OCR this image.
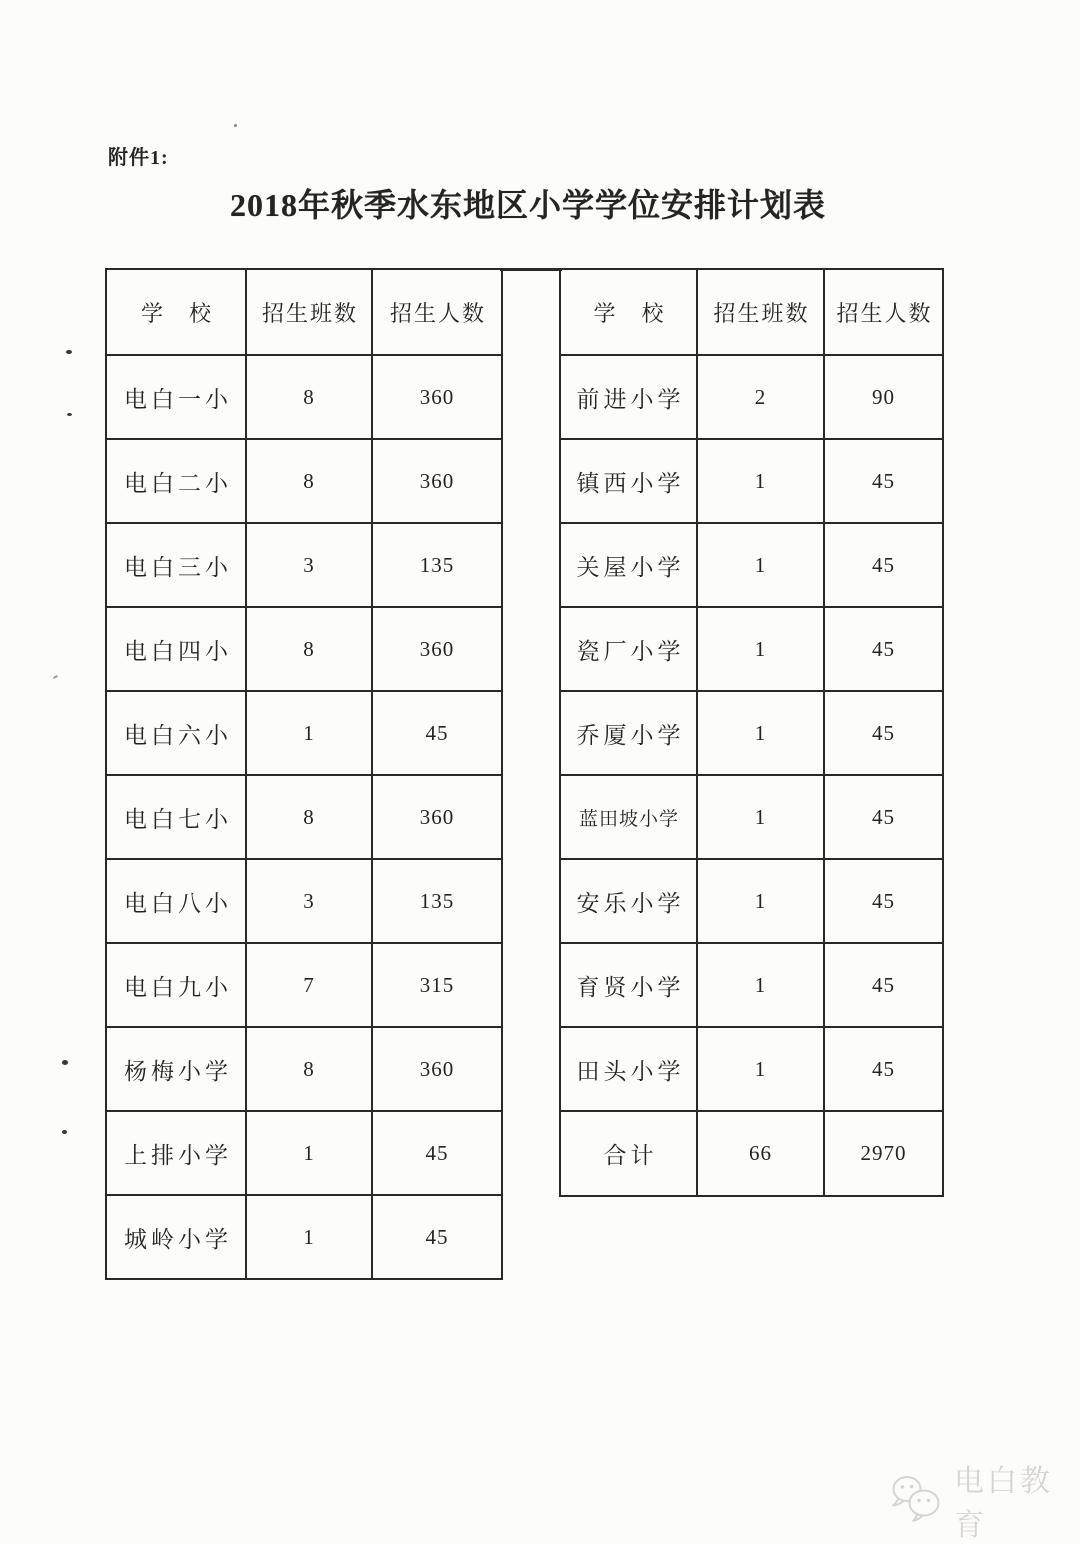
附件1:
2018年秋季水东地区小学学位安排计划表
学　校	招生班数	招生人数
电白一小	8	360
电白二小	8	360
电白三小	3	135
电白四小	8	360
电白六小	1	45
电白七小	8	360
电白八小	3	135
电白九小	7	315
杨梅小学	8	360
上排小学	1	45
城岭小学	1	45
学　校	招生班数	招生人数
前进小学	2	90
镇西小学	1	45
关屋小学	1	45
瓷厂小学	1	45
乔厦小学	1	45
蓝田坡小学	1	45
安乐小学	1	45
育贤小学	1	45
田头小学	1	45
合计	66	2970
电白教育
